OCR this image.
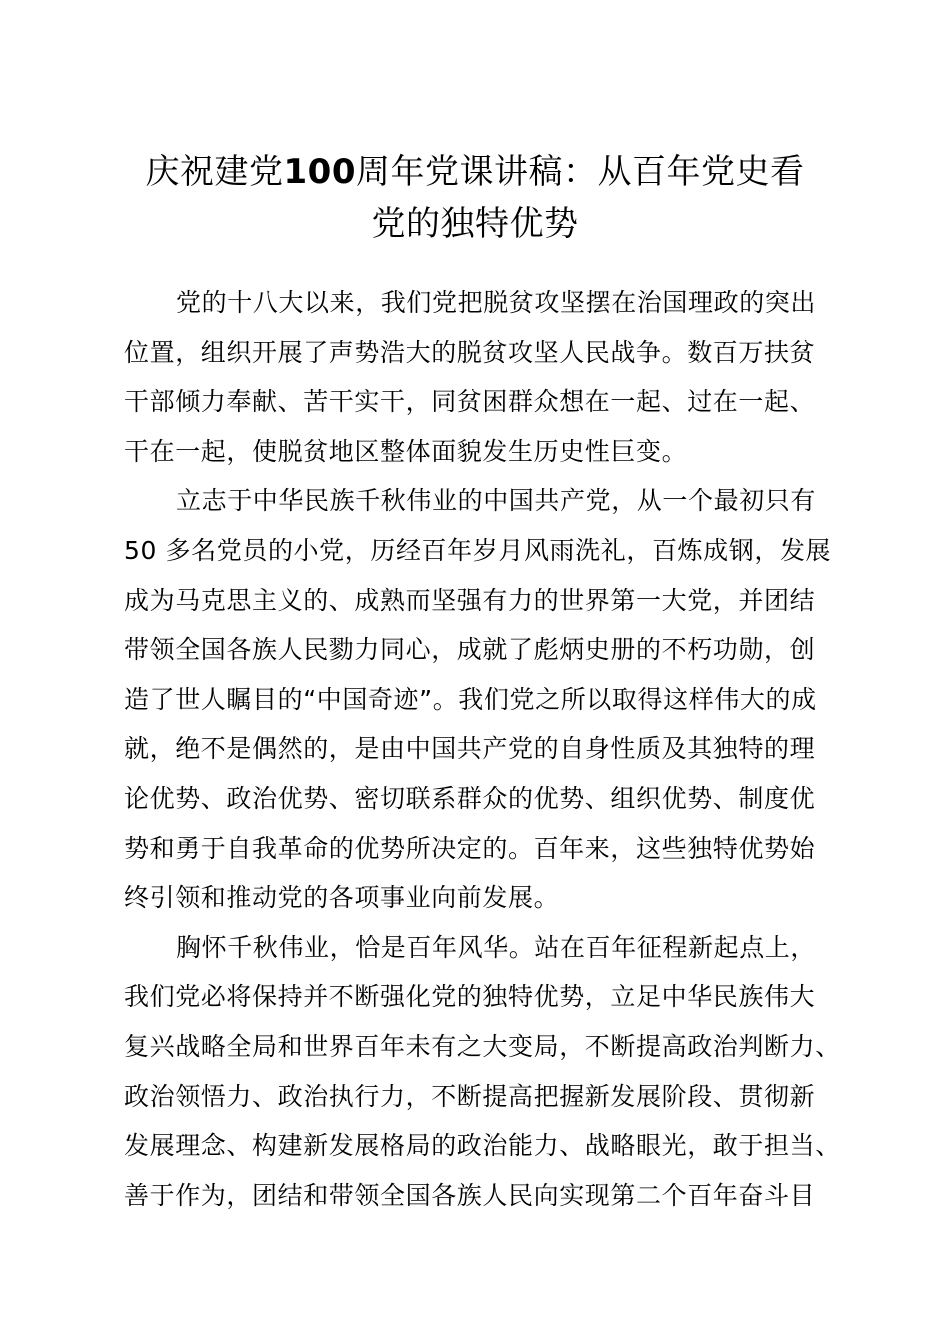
庆祝建党100周年党课讲稿：从百年党史看
党的独特优势

党的十八大以来，我们党把脱贫攻坚摆在治国理政的突出
位置，组织开展了声势浩大的脱贫攻坚人民战争。数百万扶贫
干部倾力奉献、苦干实干，同贫困群众想在一起、过在一起、
干在一起，使脱贫地区整体面貌发生历史性巨变。

立志于中华民族千秋伟业的中国共产党，从一个最初只有
50 多名党员的小党，历经百年岁月风雨洗礼，百炼成钢，发展
成为马克思主义的、成熟而坚强有力的世界第一大党，并团结
带领全国各族人民勠力同心，成就了彪炳史册的不朽功勋，创
造了世人瞩目的“中国奇迹”。我们党之所以取得这样伟大的成
就，绝不是偶然的，是由中国共产党的自身性质及其独特的理
论优势、政治优势、密切联系群众的优势、组织优势、制度优
势和勇于自我革命的优势所决定的。百年来，这些独特优势始
终引领和推动党的各项事业向前发展。

胸怀千秋伟业，恰是百年风华。站在百年征程新起点上，
我们党必将保持并不断强化党的独特优势，立足中华民族伟大
复兴战略全局和世界百年未有之大变局，不断提高政治判断力、
政治领悟力、政治执行力，不断提高把握新发展阶段、贯彻新
发展理念、构建新发展格局的政治能力、战略眼光，敢于担当、
善于作为，团结和带领全国各族人民向实现第二个百年奋斗目
